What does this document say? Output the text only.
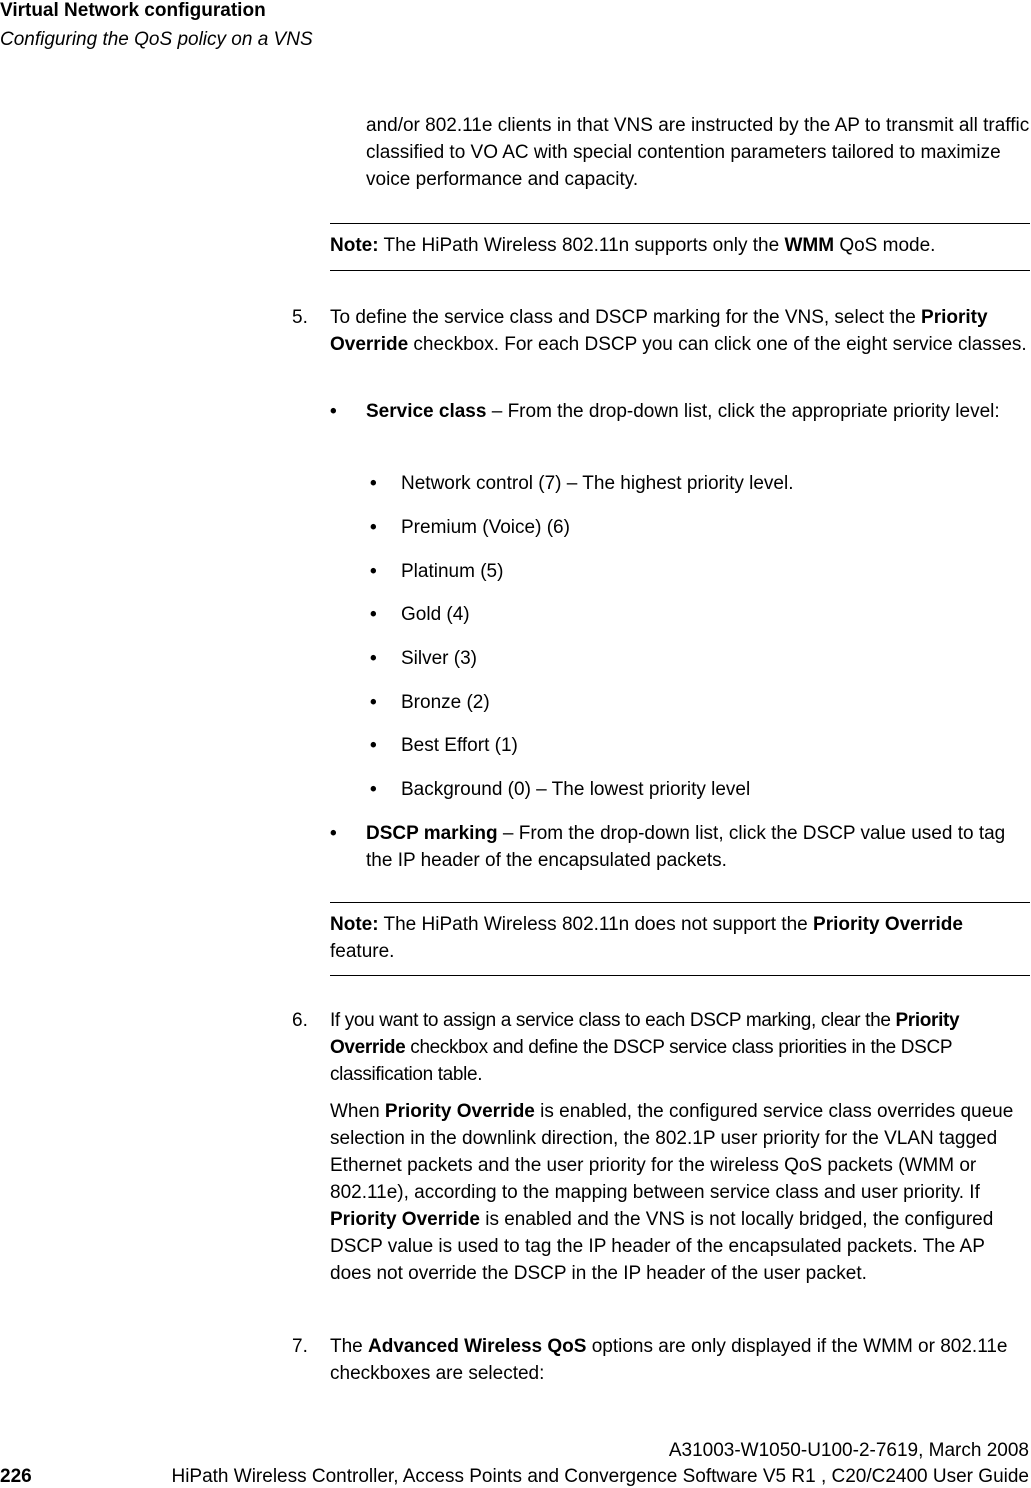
Virtual Network configuration
Configuring the QoS policy on a VNS

and/or 802.11e clients in that VNS are instructed by the AP to transmit all traffic classified to VO AC with special contention parameters tailored to maximize voice performance and capacity.

Note: The HiPath Wireless 802.11n supports only the WMM QoS mode.

5. To define the service class and DSCP marking for the VNS, select the Priority Override checkbox. For each DSCP you can click one of the eight service classes.

• Service class – From the drop-down list, click the appropriate priority level:

• Network control (7) – The highest priority level.
• Premium (Voice) (6)
• Platinum (5)
• Gold (4)
• Silver (3)
• Bronze (2)
• Best Effort (1)
• Background (0) – The lowest priority level
• DSCP marking – From the drop-down list, click the DSCP value used to tag the IP header of the encapsulated packets.

Note: The HiPath Wireless 802.11n does not support the Priority Override feature.

6. If you want to assign a service class to each DSCP marking, clear the Priority Override checkbox and define the DSCP service class priorities in the DSCP classification table.

When Priority Override is enabled, the configured service class overrides queue selection in the downlink direction, the 802.1P user priority for the VLAN tagged Ethernet packets and the user priority for the wireless QoS packets (WMM or 802.11e), according to the mapping between service class and user priority. If Priority Override is enabled and the VNS is not locally bridged, the configured DSCP value is used to tag the IP header of the encapsulated packets. The AP does not override the DSCP in the IP header of the user packet.

7. The Advanced Wireless QoS options are only displayed if the WMM or 802.11e checkboxes are selected:

A31003-W1050-U100-2-7619, March 2008
226	HiPath Wireless Controller, Access Points and Convergence Software V5 R1 , C20/C2400 User Guide
